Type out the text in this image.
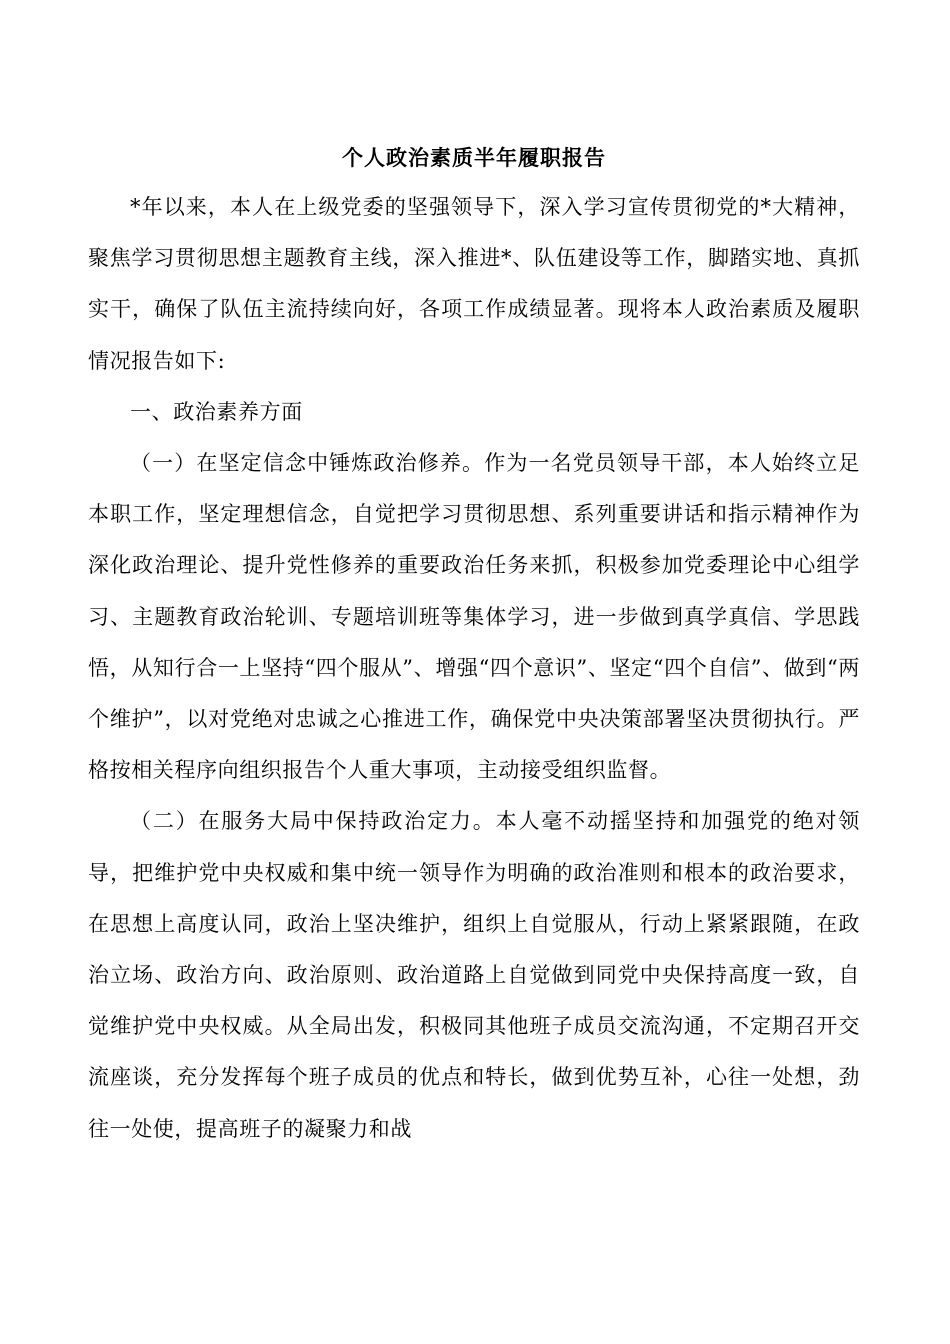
个人政治素质半年履职报告

*年以来，本人在上级党委的坚强领导下，深入学习宣传贯彻党的*大精神，聚焦学习贯彻思想主题教育主线，深入推进*、队伍建设等工作，脚踏实地、真抓实干，确保了队伍主流持续向好，各项工作成绩显著。现将本人政治素质及履职情况报告如下:

一、政治素养方面

（一）在坚定信念中锤炼政治修养。作为一名党员领导干部，本人始终立足本职工作，坚定理想信念，自觉把学习贯彻思想、系列重要讲话和指示精神作为深化政治理论、提升党性修养的重要政治任务来抓，积极参加党委理论中心组学习、主题教育政治轮训、专题培训班等集体学习，进一步做到真学真信、学思践悟，从知行合一上坚持“四个服从”、增强“四个意识”、坚定“四个自信”、做到“两个维护”，以对党绝对忠诚之心推进工作，确保党中央决策部署坚决贯彻执行。严格按相关程序向组织报告个人重大事项，主动接受组织监督。

（二）在服务大局中保持政治定力。本人毫不动摇坚持和加强党的绝对领导，把维护党中央权威和集中统一领导作为明确的政治准则和根本的政治要求，在思想上高度认同，政治上坚决维护，组织上自觉服从，行动上紧紧跟随，在政治立场、政治方向、政治原则、政治道路上自觉做到同党中央保持高度一致，自觉维护党中央权威。从全局出发，积极同其他班子成员交流沟通，不定期召开交流座谈，充分发挥每个班子成员的优点和特长，做到优势互补，心往一处想，劲往一处使，提高班子的凝聚力和战
